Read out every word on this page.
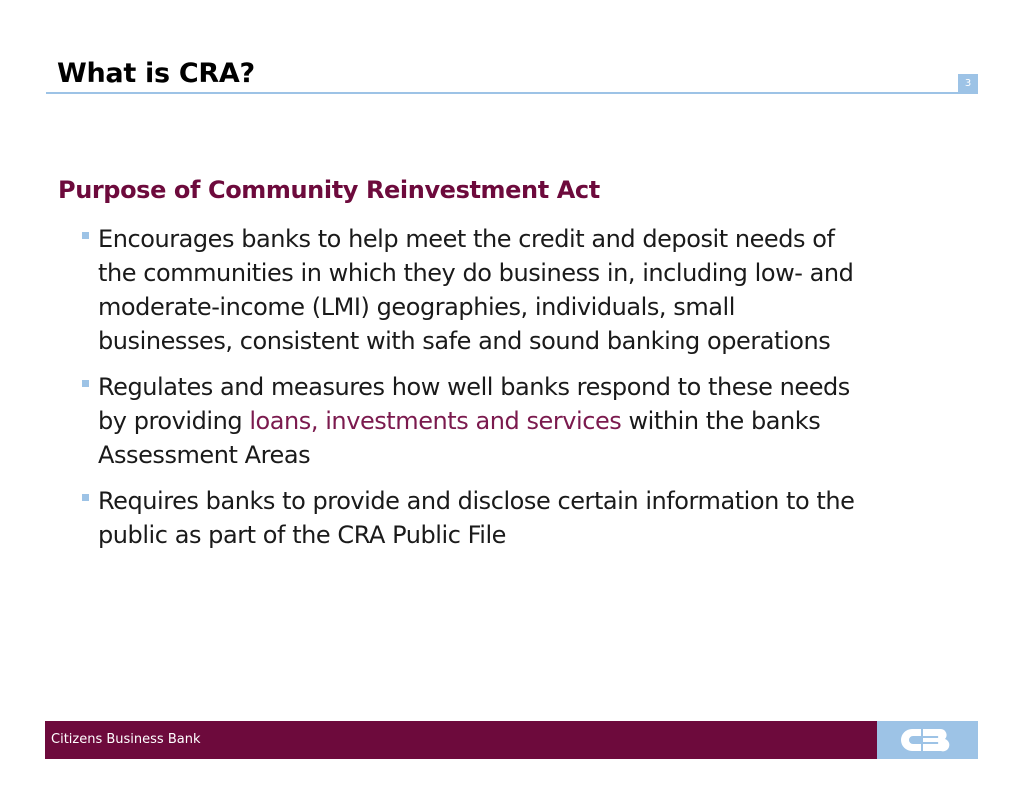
What is CRA?	3
Purpose of Community Reinvestment Act
Encourages banks to help meet the credit and deposit needs of
the communities in which they do business in, including low- and
moderate-income (LMI) geographies, individuals, small
businesses, consistent with safe and sound banking operations
Regulates and measures how well banks respond to these needs
by providing loans, investments and services within the banks
Assessment Areas
Requires banks to provide and disclose certain information to the
public as part of the CRA Public File
Citizens Business Bank
